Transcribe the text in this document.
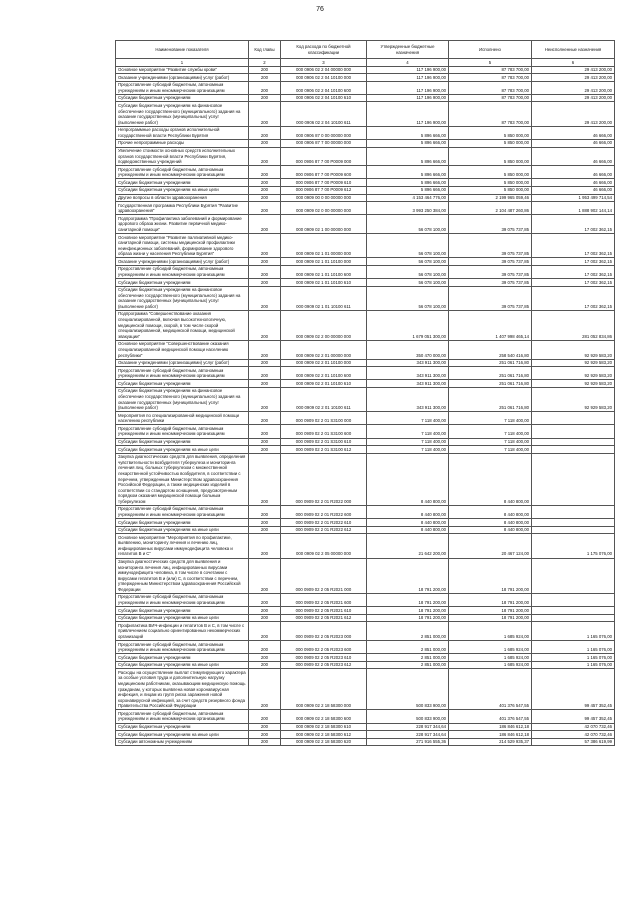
76
Наименование показателя	Код главы	Код расхода по бюджетной классификации	Утвержденные бюджетные назначения	Исполнено	Неисполненные назначения
1	2	3	4	5	6
Основное мероприятие "Развитие службы крови"	200	000 0906 02 2 04 00000 000	117 196 900,00	87 783 700,00	29 413 200,00
Оказание учреждениями (организациями) услуг (работ)	200	000 0906 02 2 04 10100 000	117 196 900,00	87 783 700,00	29 413 200,00
Предоставление субсидий бюджетным, автономным учреждениям и иным некоммерческим организациям	200	000 0906 02 2 04 10100 600	117 196 900,00	87 783 700,00	29 413 200,00
Субсидии бюджетным учреждениям	200	000 0906 02 2 04 10100 610	117 196 900,00	87 783 700,00	29 413 200,00
Субсидии бюджетным учреждениям на финансовое обеспечение государственного (муниципального) задания на оказание государственных (муниципальных) услуг (выполнение работ)	200	000 0906 02 2 04 10100 611	117 196 900,00	87 783 700,00	29 413 200,00
Непрограммные расходы органов исполнительной государственной власти Республики Бурятия	200	000 0906 87 0 00 00000 000	5 896 666,00	5 850 000,00	46 666,00
Прочие непрограммные расходы	200	000 0906 87 7 00 00000 000	5 896 666,00	5 850 000,00	46 666,00
Увеличение стоимости основных средств исполнительных органов государственной власти Республики Бурятия, подведомственных учреждений	200	000 0906 87 7 00 P0009 000	5 896 666,00	5 850 000,00	46 666,00
Предоставление субсидий бюджетным, автономным учреждениям и иным некоммерческим организациям	200	000 0906 87 7 00 P0009 600	5 896 666,00	5 850 000,00	46 666,00
Субсидии бюджетным учреждениям	200	000 0906 87 7 00 P0009 610	5 896 666,00	5 850 000,00	46 666,00
Субсидии бюджетным учреждениям на иные цели	200	000 0906 87 7 00 P0009 612	5 896 666,00	5 850 000,00	46 666,00
Другие вопросы в области здравоохранения	200	000 0909 00 0 00 00000 000	4 153 464 776,00	2 199 965 059,46	1 953 499 714,54
Государственная программа Республики Бурятия "Развитие здравоохранения"	200	000 0909 02 0 00 00000 000	3 993 250 384,00	2 104 487 260,86	1 888 902 144,14
Подпрограмма "Профилактика заболеваний и формирование здорового образа жизни. Развитие первичной медико-санитарной помощи"	200	000 0909 02 1 00 00000 000	56 078 100,00	39 075 737,85	17 002 362,15
Основное мероприятие "Развитие паллиативной медико-санитарной помощи, системы медицинской профилактики неинфекционных заболеваний, формирование здорового образа жизни у населения Республики Бурятия"	200	000 0909 02 1 01 00000 000	56 078 100,00	39 075 737,85	17 002 362,15
Оказание учреждениями (организациями) услуг (работ)	200	000 0909 02 1 01 10100 000	56 078 100,00	39 075 737,85	17 002 362,15
Предоставление субсидий бюджетным, автономным учреждениям и иным некоммерческим организациям	200	000 0909 02 1 01 10100 600	56 078 100,00	39 075 737,85	17 002 362,15
Субсидии бюджетным учреждениям	200	000 0909 02 1 01 10100 610	56 078 100,00	39 075 737,85	17 002 362,15
Субсидии бюджетным учреждениям на финансовое обеспечение государственного (муниципального) задания на оказание государственных (муниципальных) услуг (выполнение работ)	200	000 0909 02 1 01 10100 611	56 078 100,00	39 075 737,85	17 002 362,15
Подпрограмма "Совершенствование оказания специализированной, включая высокотехнологичную, медицинской помощи, скорой, в том числе скорой специализированной, медицинской помощи, медицинской эвакуации"	200	000 0909 02 2 00 00000 000	1 679 051 300,00	1 407 998 465,14	281 052 834,86
Основное мероприятие "Совершенствование оказания специализированной медицинской помощи населению республики"	200	000 0909 02 2 01 00000 000	350 470 000,00	258 540 416,80	92 929 583,20
Оказание учреждениями (организациями) услуг (работ)	200	000 0909 02 2 01 10100 000	343 911 300,00	251 061 716,80	92 929 583,20
Предоставление субсидий бюджетным, автономным учреждениям и иным некоммерческим организациям	200	000 0909 02 2 01 10100 600	343 911 300,00	251 061 716,80	92 929 583,20
Субсидии бюджетным учреждениям	200	000 0909 02 2 01 10100 610	343 911 300,00	251 061 716,80	92 929 583,20
Субсидии бюджетным учреждениям на финансовое обеспечение государственного (муниципального) задания на оказание государственных (муниципальных) услуг (выполнение работ)	200	000 0909 02 2 01 10100 611	343 911 300,00	251 061 716,80	92 929 583,20
Мероприятия по специализированной медицинской помощи населению республики	200	000 0909 02 2 01 S3100 000	7 118 400,00	7 118 400,00	
Предоставление субсидий бюджетным, автономным учреждениям и иным некоммерческим организациям	200	000 0909 02 2 01 S3100 600	7 118 400,00	7 118 400,00	
Субсидии бюджетным учреждениям	200	000 0909 02 2 01 S3100 610	7 118 400,00	7 118 400,00	
Субсидии бюджетным учреждениям на иные цели	200	000 0909 02 2 01 S3100 612	7 118 400,00	7 118 400,00	
Закупка диагностических средств для выявления, определения чувствительности возбудителя туберкулеза и мониторинга лечения лиц, больных туберкулезом с множественной лекарственной устойчивостью возбудителя, в соответствии с перечнем, утвержденным Министерством здравоохранения Российской Федерации, а также медицинских изделий в соответствии со стандартом оснащения, предусмотренным порядком оказания медицинской помощи больным туберкулезом	200	000 0909 02 2 01 R2022 000	8 440 800,00	8 440 800,00	
Предоставление субсидий бюджетным, автономным учреждениям и иным некоммерческим организациям	200	000 0909 02 2 01 R2022 600	8 440 800,00	8 440 800,00	
Субсидии бюджетным учреждениям	200	000 0909 02 2 01 R2022 610	8 440 800,00	8 440 800,00	
Субсидии бюджетным учреждениям на иные цели	200	000 0909 02 2 01 R2022 612	8 440 800,00	8 440 800,00	
Основное мероприятие "Мероприятия по профилактике, выявлению, мониторингу лечения и лечению лиц, инфицированных вирусами иммунодефицита человека и гепатитов В и С"	200	000 0909 02 2 05 00000 000	21 642 200,00	20 467 124,00	1 175 076,00
Закупка диагностических средств для выявления и мониторинга лечения лиц, инфицированных вирусами иммунодефицита человека, в том числе в сочетании с вирусами гепатитов В и (или) С, в соответствии с перечнем, утвержденным Министерством здравоохранения Российской Федерации	200	000 0909 02 2 05 R2021 000	18 791 200,00	18 791 200,00	
Предоставление субсидий бюджетным, автономным учреждениям и иным некоммерческим организациям	200	000 0909 02 2 05 R2021 600	18 791 200,00	18 791 200,00	
Субсидии бюджетным учреждениям	200	000 0909 02 2 05 R2021 610	18 791 200,00	18 791 200,00	
Субсидии бюджетным учреждениям на иные цели	200	000 0909 02 2 05 R2021 612	18 791 200,00	18 791 200,00	
Профилактика ВИЧ-инфекции и гепатитов В и С, в том числе с привлечением социально ориентированных некоммерческих организаций	200	000 0909 02 2 05 R2023 000	2 851 000,00	1 685 924,00	1 165 076,00
Предоставление субсидий бюджетным, автономным учреждениям и иным некоммерческим организациям	200	000 0909 02 2 05 R2023 600	2 851 000,00	1 685 924,00	1 165 076,00
Субсидии бюджетным учреждениям	200	000 0909 02 2 05 R2023 610	2 851 000,00	1 685 924,00	1 165 076,00
Субсидии бюджетным учреждениям на иные цели	200	000 0909 02 2 05 R2023 612	2 851 000,00	1 685 924,00	1 165 076,00
Расходы на осуществление выплат стимулирующего характера за особые условия труда и дополнительную нагрузку медицинским работникам, оказывающим медицинскую помощь гражданам, у которых выявлена новая коронавирусная инфекция, и лицам из групп риска заражения новой коронавирусной инфекцией, за счет средств резервного фонда Правительства Российской Федерации	200	000 0909 02 2 18 58300 000	500 833 900,00	401 376 547,55	99 457 352,45
Предоставление субсидий бюджетным, автономным учреждениям и иным некоммерческим организациям	200	000 0909 02 2 18 58300 600	500 833 900,00	401 376 547,55	99 457 352,45
Субсидии бюджетным учреждениям	200	000 0909 02 2 18 58300 610	228 917 344,64	186 846 612,18	42 070 732,46
Субсидии бюджетным учреждениям на иные цели	200	000 0909 02 2 18 58300 612	228 917 344,64	186 846 612,18	42 070 732,46
Субсидии автономным учреждениям	200	000 0909 02 2 18 58300 620	271 916 555,36	214 529 935,37	57 386 619,99
